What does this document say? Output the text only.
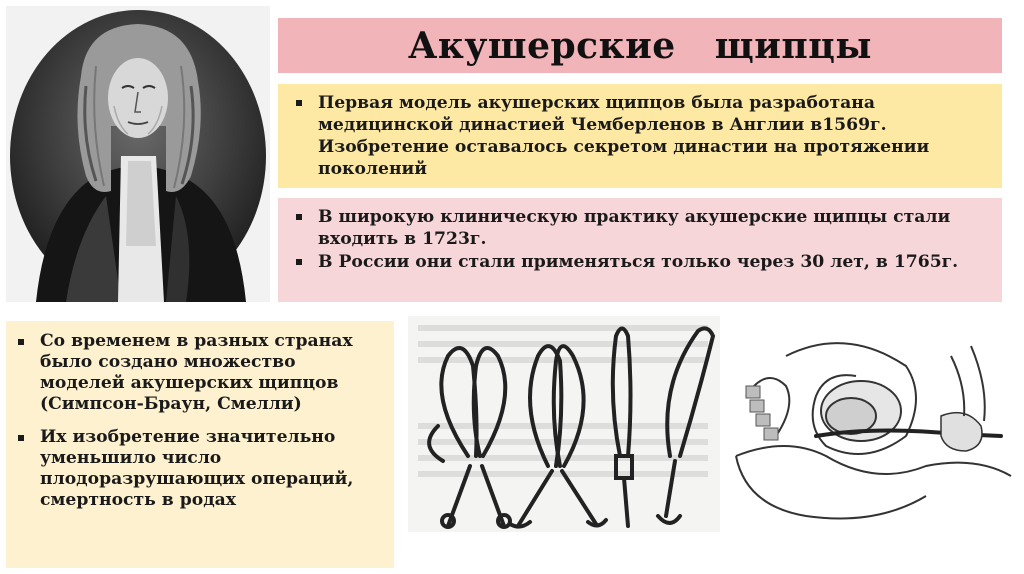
Акушерские   щипцы
Первая модель акушерских щипцов была разработана медицинской династией Чемберленов в Англии в1569г. Изобретение оставалось секретом династии на протяжении поколений
В широкую клиническую практику акушерские щипцы стали входить в 1723г.
В России они стали применяться только через 30 лет, в 1765г.
Со временем в разных странах было создано множество моделей акушерских щипцов (Симпсон-Браун, Смелли)
Их изобретение значительно уменьшило число плодоразрушающих операций, смертность в родах
